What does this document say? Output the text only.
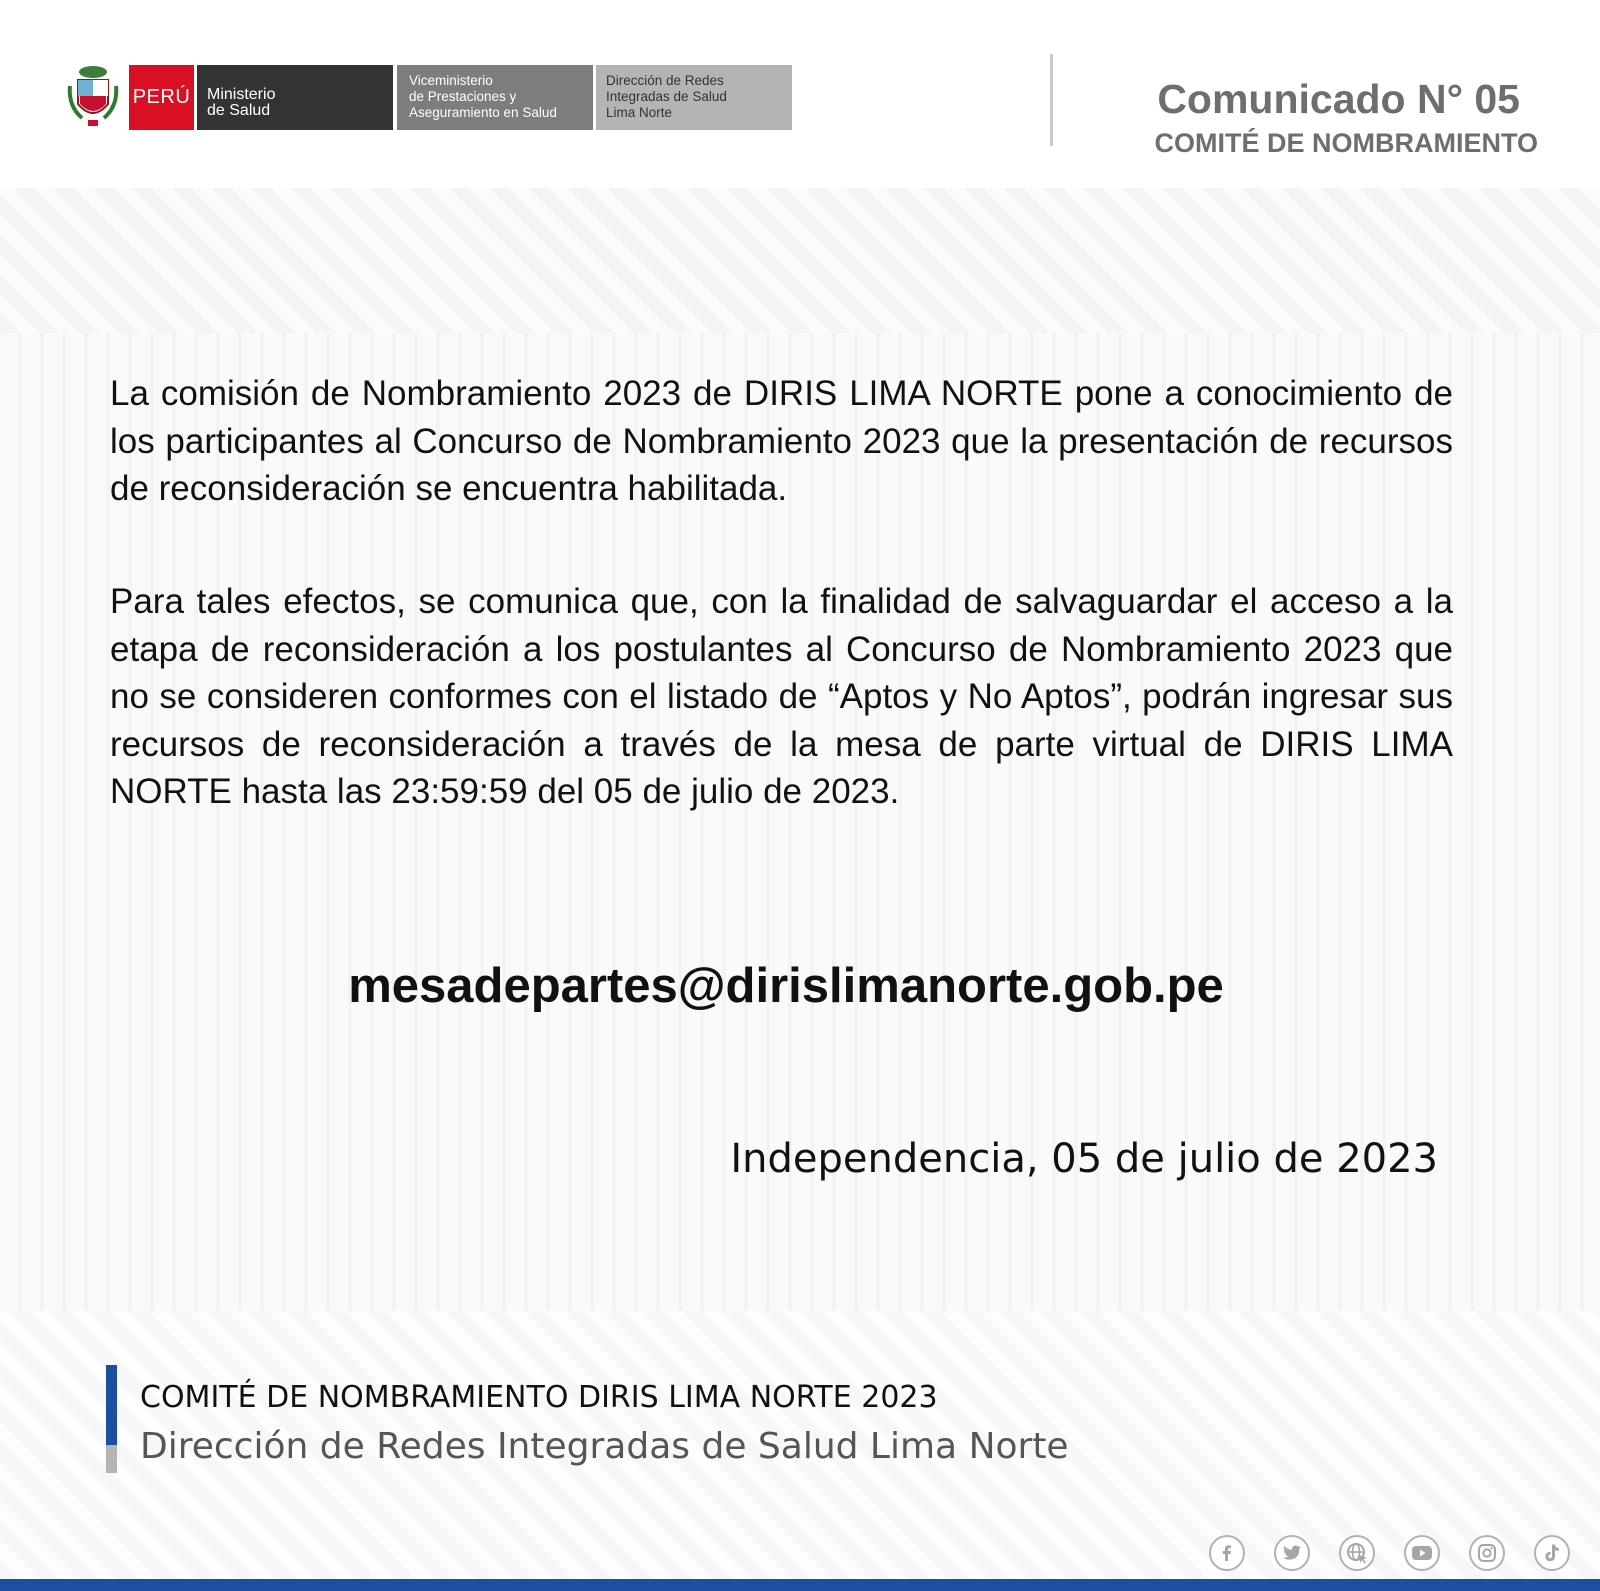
PERÚ Ministerio
de Salud
Viceministerio
de Prestaciones y
Aseguramiento en Salud
Dirección de Redes
Integradas de Salud
Lima Norte	Comunicado N° 05
COMITÉ DE NOMBRAMIENTO
La comisión de Nombramiento 2023 de DIRIS LIMA NORTE pone a conocimiento de los participantes al Concurso de Nombramiento 2023 que la presentación de recursos de reconsideración se encuentra habilitada.
Para tales efectos, se comunica que, con la finalidad de salvaguardar el acceso a la etapa de reconsideración a los postulantes al Concurso de Nombramiento 2023 que no se consideren conformes con el listado de “Aptos y No Aptos”, podrán ingresar sus recursos de reconsideración a través de la mesa de parte virtual de DIRIS LIMA NORTE hasta las 23:59:59 del 05 de julio de 2023.
mesadepartes@dirislimanorte.gob.pe
Independencia, 05 de julio de 2023
COMITÉ DE NOMBRAMIENTO DIRIS LIMA NORTE 2023
Dirección de Redes Integradas de Salud Lima Norte
